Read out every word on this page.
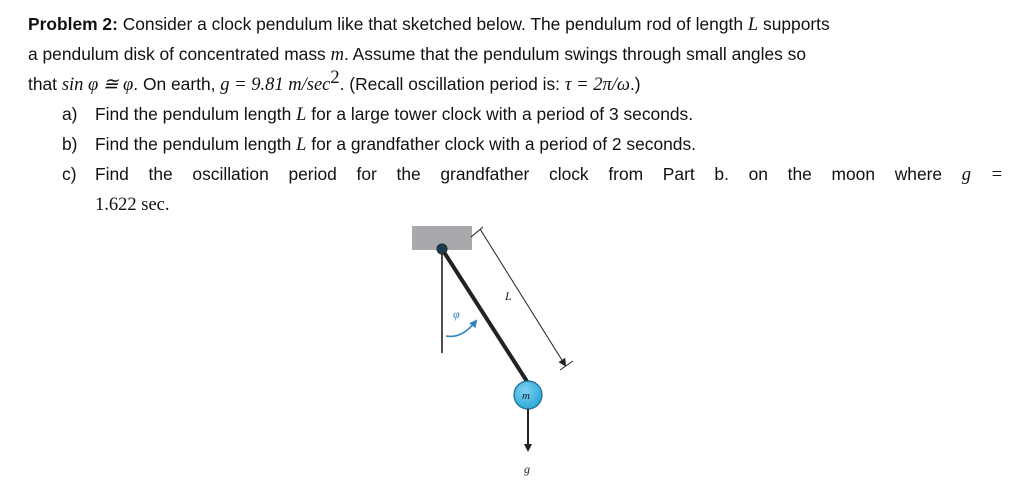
Problem 2: Consider a clock pendulum like that sketched below. The pendulum rod of length L supports
a pendulum disk of concentrated mass m. Assume that the pendulum swings through small angles so
that sin φ ≅ φ. On earth, g = 9.81 $m/\sec^2$. (Recall oscillation period is: τ = 2π/ω.)
a) Find the pendulum length L for a large tower clock with a period of 3 seconds.
b) Find the pendulum length L for a grandfather clock with a period of 2 seconds.
c) Find the oscillation period for the grandfather clock from Part b. on the moon where g =
1.622 sec.
L
φ
m
g
